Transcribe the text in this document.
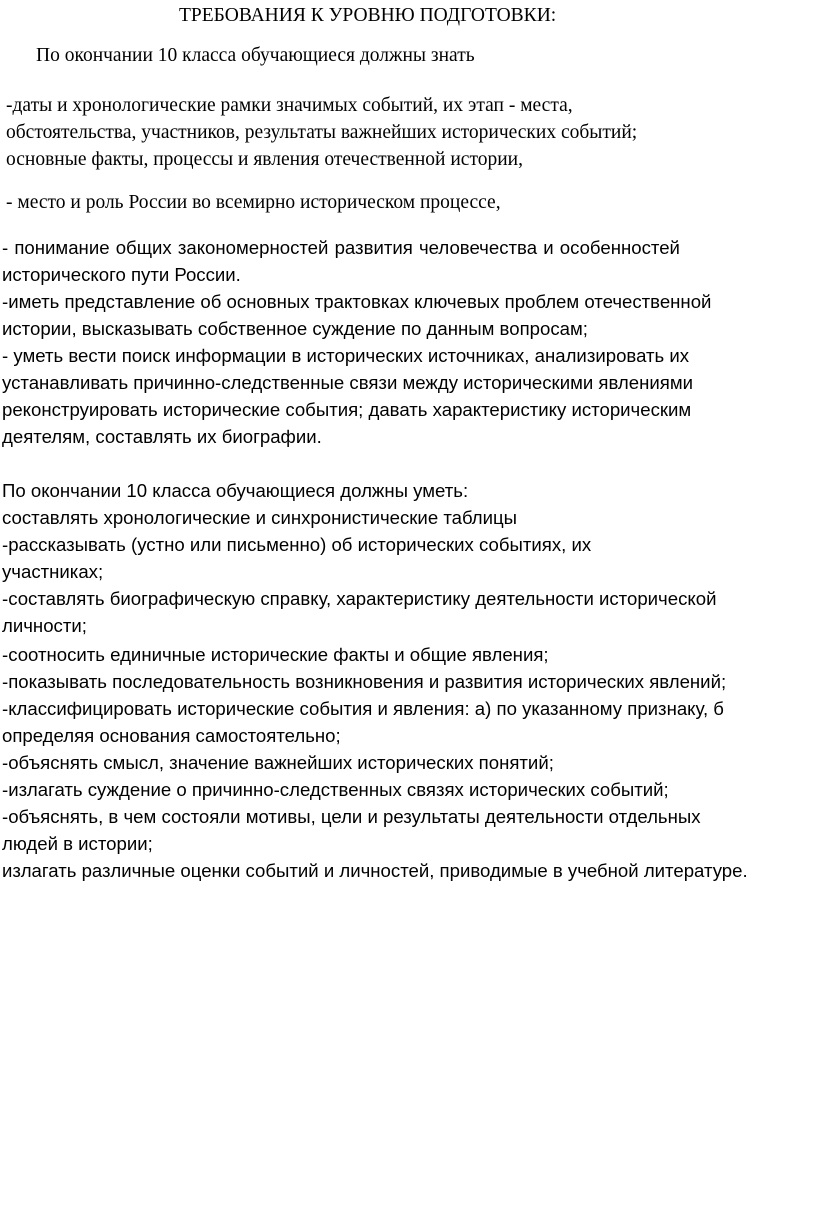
ТРЕБОВАНИЯ К УРОВНЮ ПОДГОТОВКИ:

По окончании 10 класса обучающиеся должны знать

-даты и хронологические рамки значимых событий, их этап - места,

обстоятельства, участников, результаты важнейших исторических событий;

основные факты, процессы и явления отечественной истории,

- место и роль России во всемирно историческом процессе,

- понимание общих закономерностей развития человечества и особенностей

исторического пути России.

-иметь представление об основных трактовках ключевых проблем отечественной

истории, высказывать собственное суждение по данным вопросам;

- уметь вести поиск информации в исторических источниках, анализировать их

устанавливать причинно-следственные связи между историческими явлениями

реконструировать исторические события; давать характеристику историческим

деятелям, составлять их биографии.

По окончании 10 класса обучающиеся должны уметь:

составлять хронологические и синхронистические таблицы

-рассказывать (устно или письменно) об исторических событиях, их

участниках;

-составлять биографическую справку, характеристику деятельности исторической

личности;

-соотносить единичные исторические факты и общие явления;

-показывать последовательность возникновения и развития исторических явлений;

-классифицировать исторические события и явления: а) по указанному признаку, б

определяя основания самостоятельно;

-объяснять смысл, значение важнейших исторических понятий;

-излагать суждение о причинно-следственных связях исторических событий;

-объяснять, в чем состояли мотивы, цели и результаты деятельности отдельных

людей в истории;

излагать различные оценки событий и личностей, приводимые в учебной литературе.
